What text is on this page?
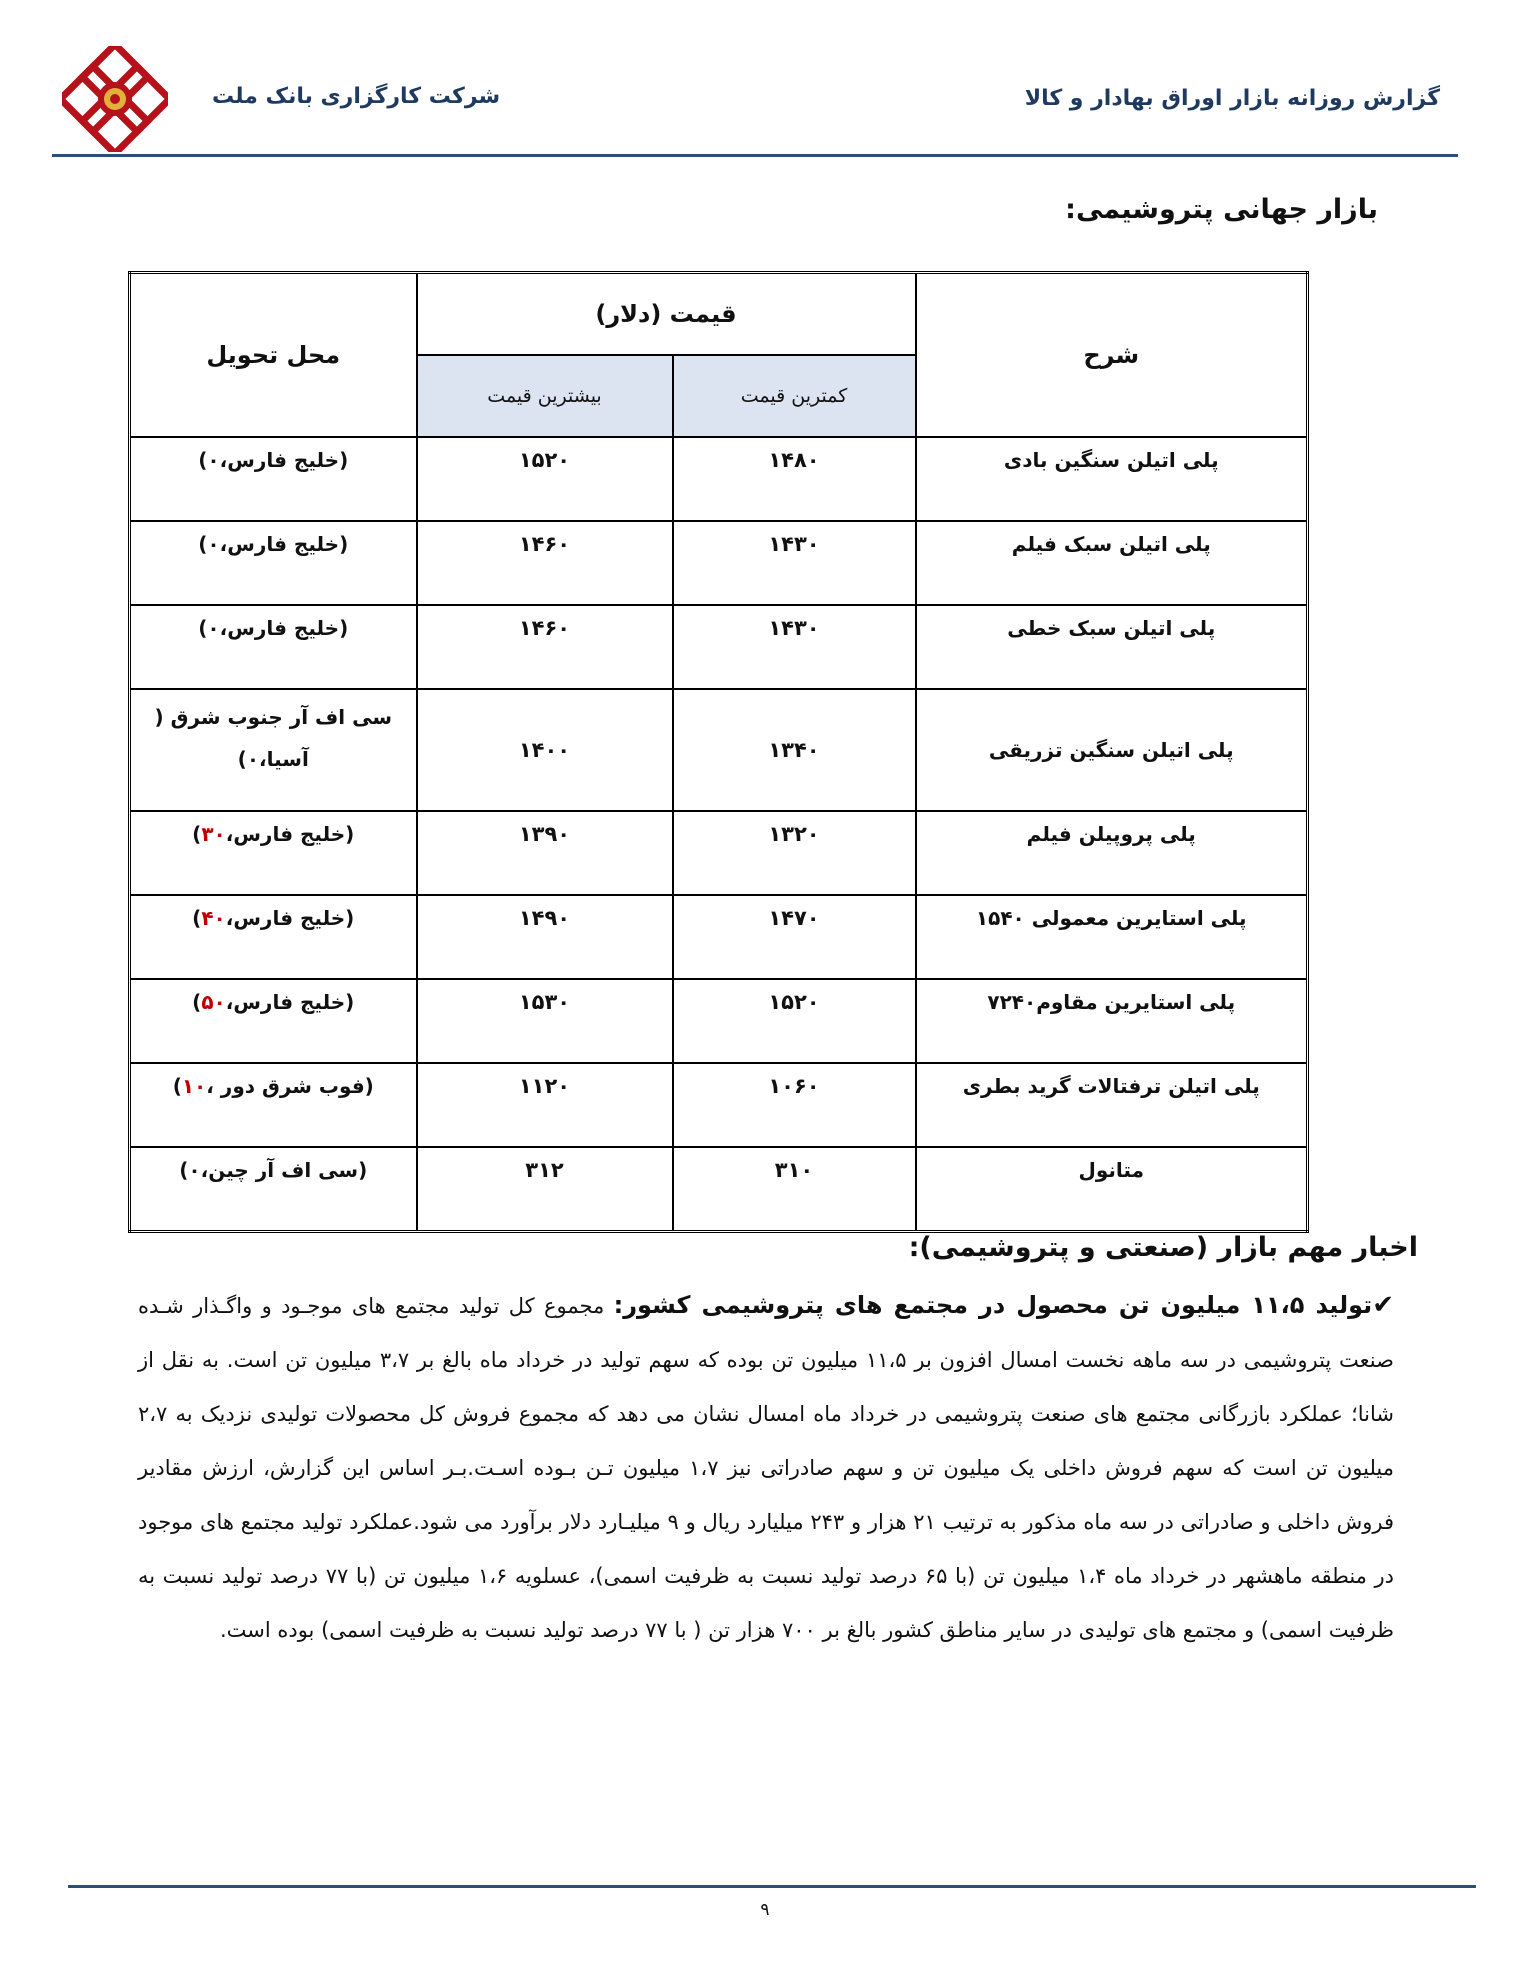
شرکت کارگزاری بانک ملت	گزارش روزانه بازار اوراق بهادار و کالا
بازار جهانی پتروشیمی:
شرح	قیمت (دلار)		محل تحویل
	کمترین قیمت	بیشترین قیمت	
پلی اتیلن سنگین بادی	۱۴۸۰	۱۵۲۰	(خلیج فارس،۰)
پلی اتیلن سبک فیلم	۱۴۳۰	۱۴۶۰	(خلیج فارس،۰)
پلی اتیلن سبک خطی	۱۴۳۰	۱۴۶۰	(خلیج فارس،۰)
پلی اتیلن سنگین تزریقی	۱۳۴۰	۱۴۰۰	سی اف آر جنوب شرق ( آسیا،۰)
پلی پروپیلن فیلم	۱۳۲۰	۱۳۹۰	(خلیج فارس،۳۰)
پلی استایرین معمولی ۱۵۴۰	۱۴۷۰	۱۴۹۰	(خلیج فارس،۴۰)
پلی استایرین مقاوم۷۲۴۰	۱۵۲۰	۱۵۳۰	(خلیج فارس،۵۰)
پلی اتیلن ترفتالات گرید بطری	۱۰۶۰	۱۱۲۰	(فوب شرق دور ،۱۰)
متانول	۳۱۰	۳۱۲	(سی اف آر چین،۰)
اخبار مهم بازار (صنعتی و پتروشیمی):
✔تولید ۱۱،۵ میلیون تن محصول در مجتمع های پتروشیمی کشور: مجموع کل تولید مجتمع های موجـود و واگـذار شـده صنعت پتروشیمی در سه ماهه نخست امسال افزون بر ۱۱،۵ میلیون تن بوده که سهم تولید در خرداد ماه بالغ بر ۳،۷ میلیون تن است. به نقل از شانا؛ عملکرد بازرگانی مجتمع های صنعت پتروشیمی در خرداد ماه امسال نشان می دهد که مجموع فروش کل محصولات تولیدی نزدیک به ۲،۷ میلیون تن است که سهم فروش داخلی یک میلیون تن و سهم صادراتی نیز ۱،۷ میلیون تـن بـوده اسـت.بـر اساس این گزارش، ارزش مقادیر فروش داخلی و صادراتی در سه ماه مذکور به ترتیب ۲۱ هزار و ۲۴۳ میلیارد ریال و ۹ میلیـارد دلار برآورد می شود.عملکرد تولید مجتمع های موجود در منطقه ماهشهر در خرداد ماه ۱،۴ میلیون تن (با ۶۵ درصد تولید نسبت به ظرفیت اسمی)، عسلویه ۱،۶ میلیون تن (با ۷۷ درصد تولید نسبت به ظرفیت اسمی) و مجتمع های تولیدی در سایر مناطق کشور بالغ بر ۷۰۰ هزار تن ( با ۷۷ درصد تولید نسبت به ظرفیت اسمی) بوده است.
۹
